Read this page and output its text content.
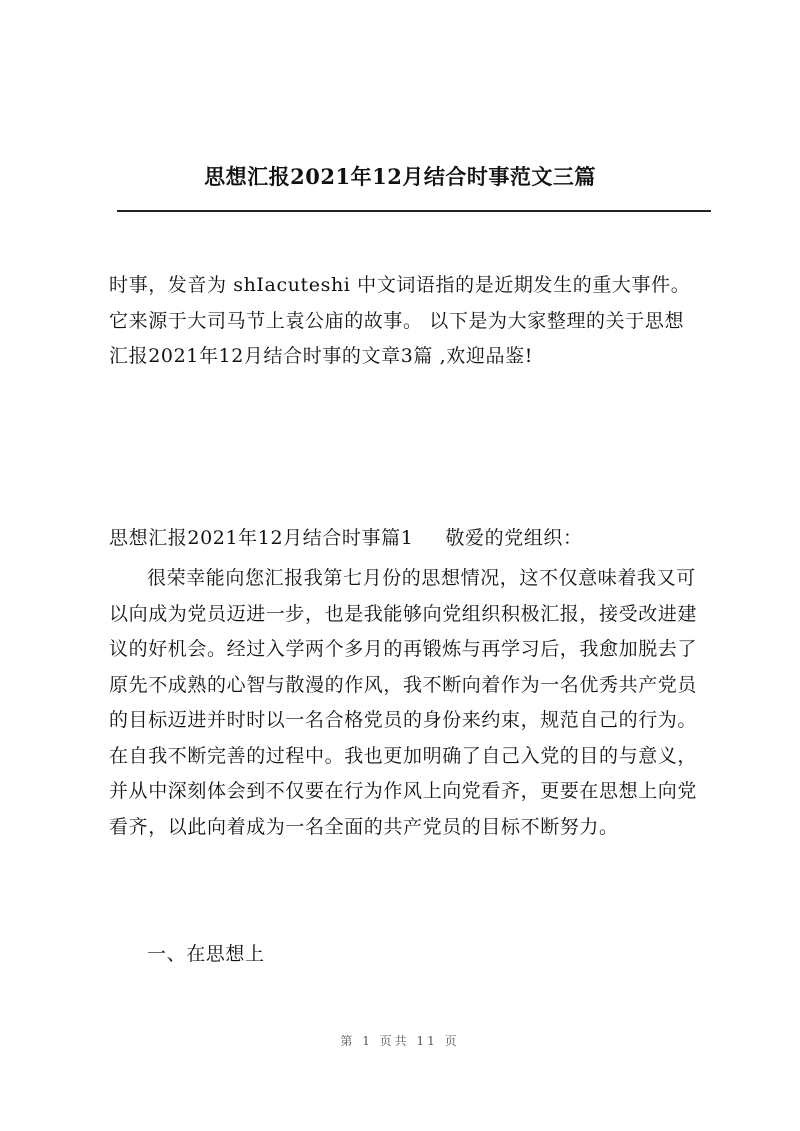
思想汇报2021年12月结合时事范文三篇
时事，发音为 shIacuteshi 中文词语指的是近期发生的重大事件。它来源于大司马节上袁公庙的故事。 以下是为大家整理的关于思想汇报2021年12月结合时事的文章3篇 ,欢迎品鉴!
思想汇报2021年12月结合时事篇1 敬爱的党组织：
很荣幸能向您汇报我第七月份的思想情况，这不仅意味着我又可以向成为党员迈进一步，也是我能够向党组织积极汇报，接受改进建议的好机会。经过入学两个多月的再锻炼与再学习后，我愈加脱去了原先不成熟的心智与散漫的作风，我不断向着作为一名优秀共产党员的目标迈进并时时以一名合格党员的身份来约束，规范自己的行为。在自我不断完善的过程中。我也更加明确了自己入党的目的与意义，并从中深刻体会到不仅要在行为作风上向党看齐，更要在思想上向党看齐，以此向着成为一名全面的共产党员的目标不断努力。
一、在思想上
第 1 页共 11 页
